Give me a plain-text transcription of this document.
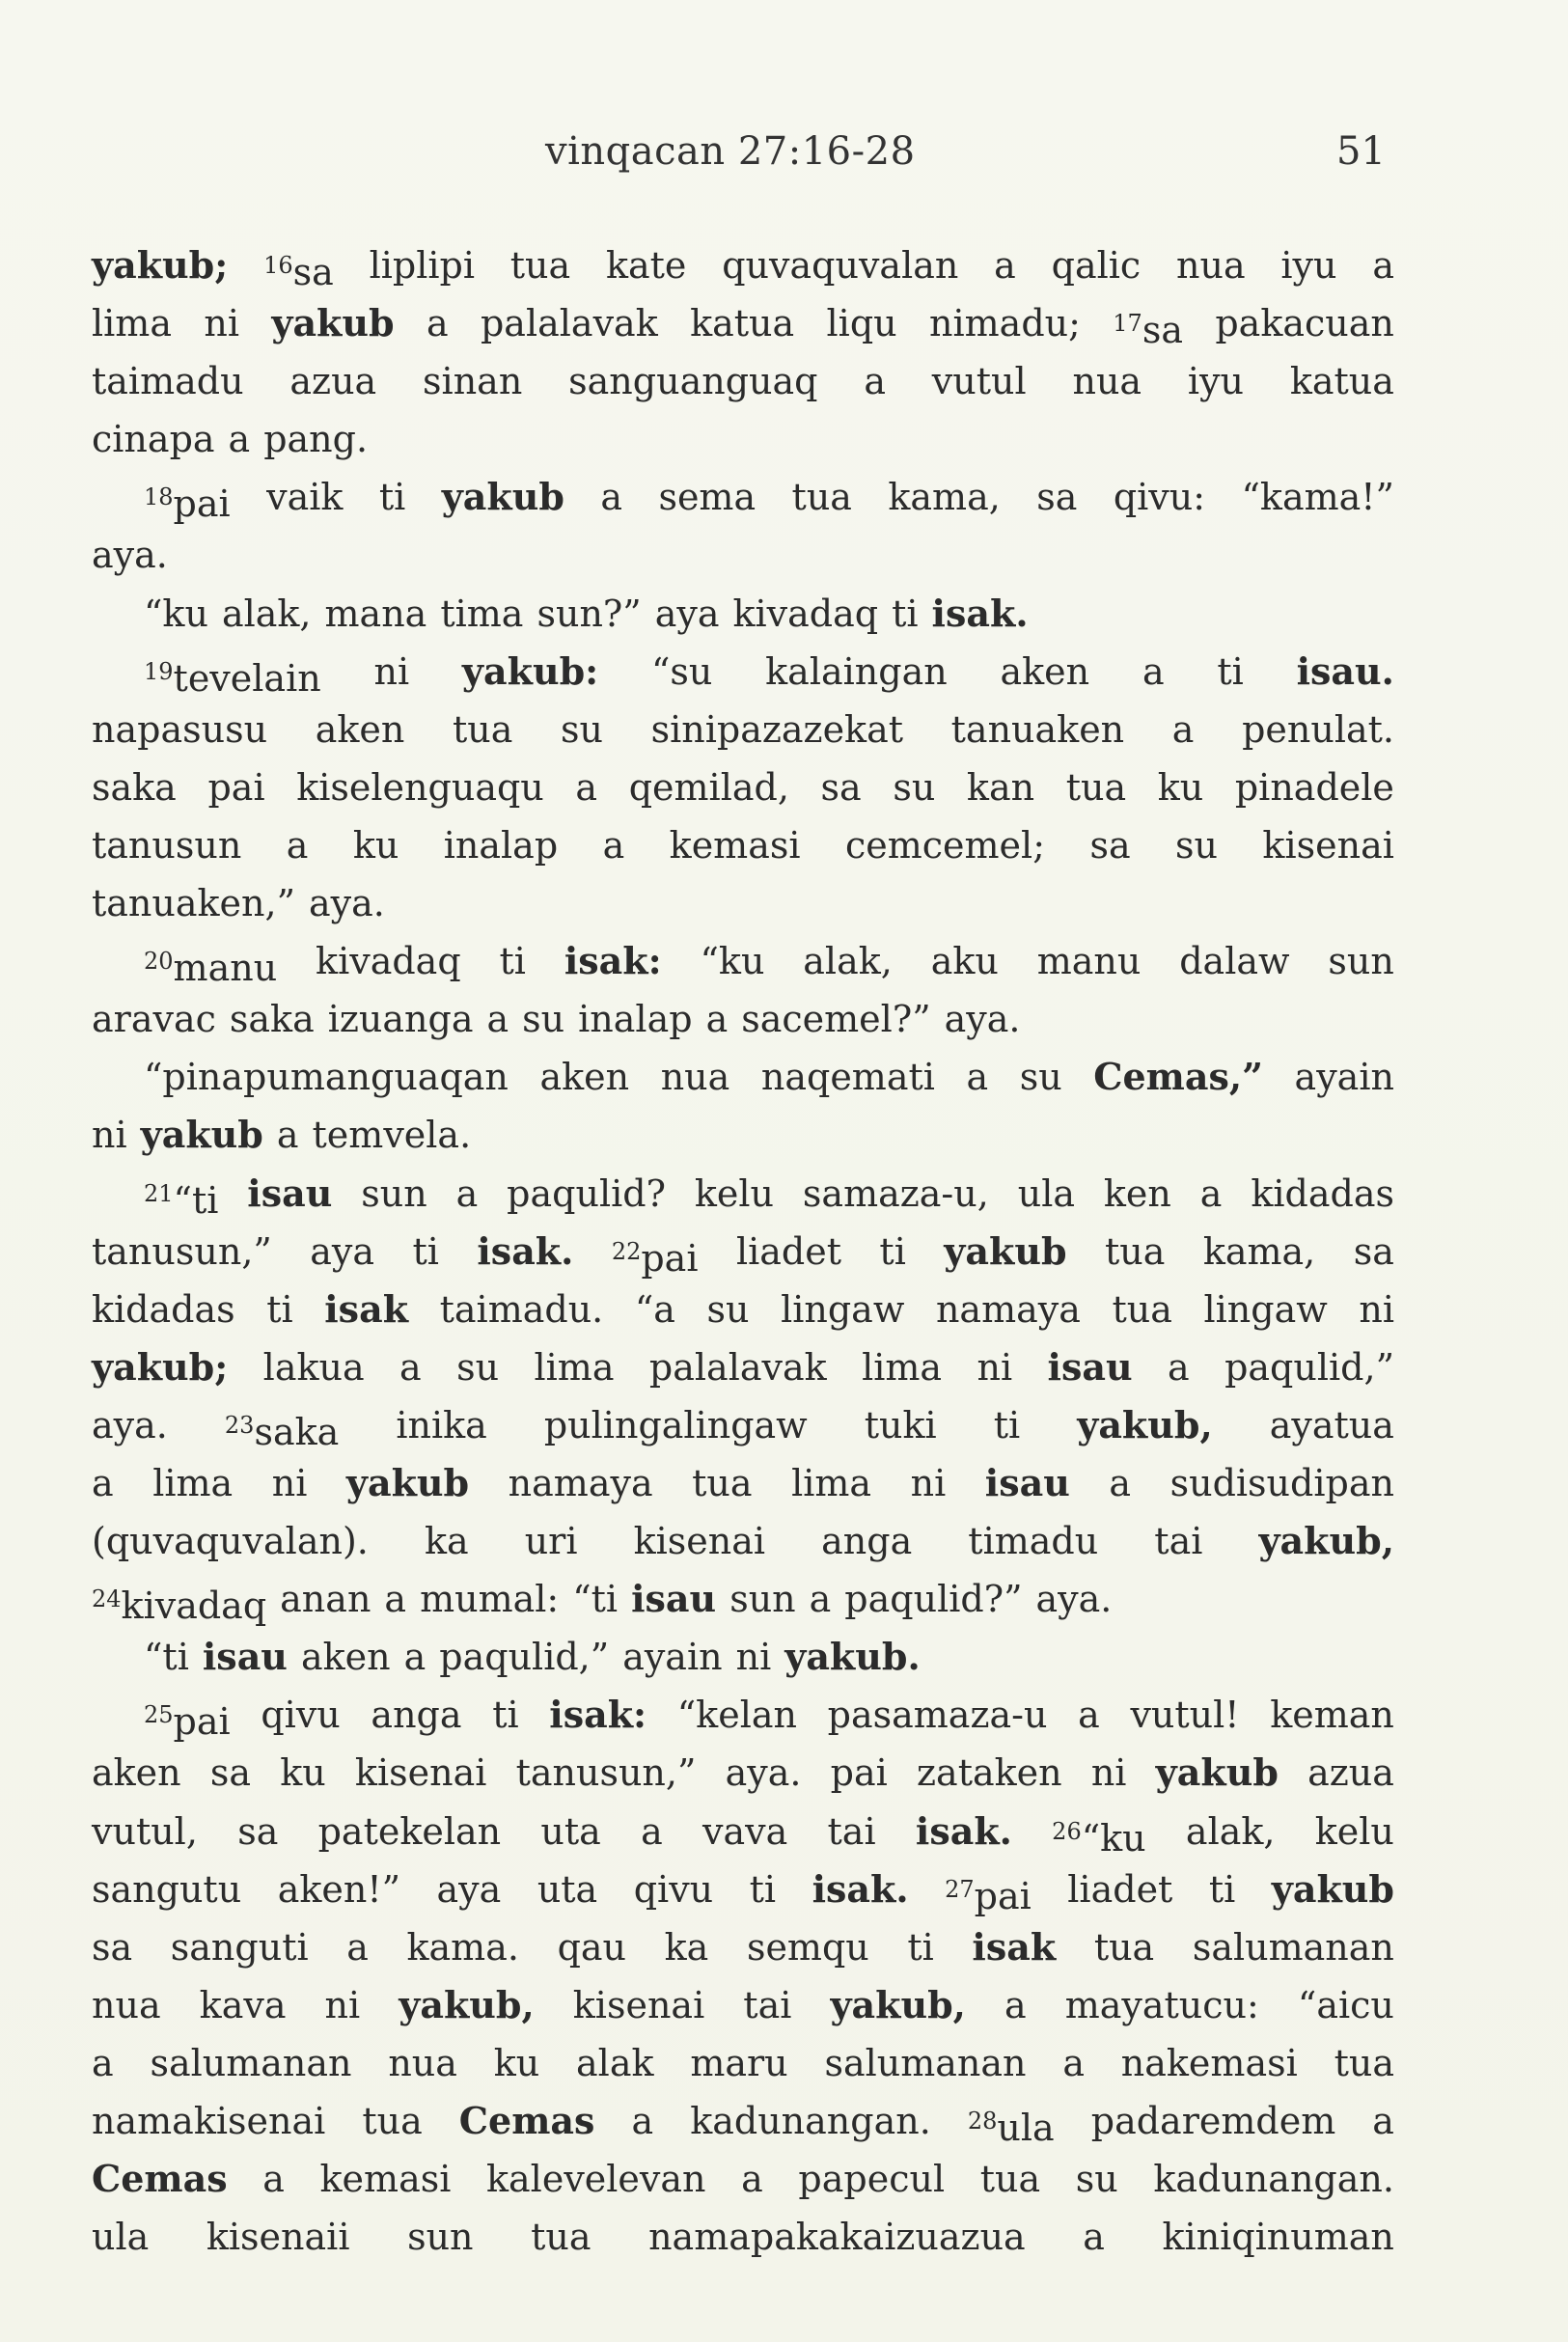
vinqacan 27:16-28	51
yakub; $^{16}$sa liplipi tua kate quvaquvalan a qalic nua iyu a
lima ni yakub a palalavak katua liqu nimadu; $^{17}$sa pakacuan
taimadu azua sinan sanguanguaq a vutul nua iyu katua
cinapa a pang.
$^{18}$pai vaik ti yakub a sema tua kama, sa qivu: “kama!”
aya.
“ku alak, mana tima sun?” aya kivadaq ti isak.
$^{19}$tevelain ni yakub: “su kalaingan aken a ti isau.
napasusu aken tua su sinipazazekat tanuaken a penulat.
saka pai kiselenguaqu a qemilad, sa su kan tua ku pinadele
tanusun a ku inalap a kemasi cemcemel; sa su kisenai
tanuaken,” aya.
$^{20}$manu kivadaq ti isak: “ku alak, aku manu dalaw sun
aravac saka izuanga a su inalap a sacemel?” aya.
“pinapumanguaqan aken nua naqemati a su Cemas,” ayain
ni yakub a temvela.
$^{21}$“ti isau sun a paqulid? kelu samaza-u, ula ken a kidadas
tanusun,” aya ti isak. $^{22}$pai liadet ti yakub tua kama, sa
kidadas ti isak taimadu. “a su lingaw namaya tua lingaw ni
yakub; lakua a su lima palalavak lima ni isau a paqulid,”
aya. $^{23}$saka inika pulingalingaw tuki ti yakub, ayatua
a lima ni yakub namaya tua lima ni isau a sudisudipan
(quvaquvalan). ka uri kisenai anga timadu tai yakub,
$^{24}$kivadaq anan a mumal: “ti isau sun a paqulid?” aya.
“ti isau aken a paqulid,” ayain ni yakub.
$^{25}$pai qivu anga ti isak: “kelan pasamaza-u a vutul! keman
aken sa ku kisenai tanusun,” aya. pai zataken ni yakub azua
vutul, sa patekelan uta a vava tai isak. $^{26}$“ku alak, kelu
sangutu aken!” aya uta qivu ti isak. $^{27}$pai liadet ti yakub
sa sanguti a kama. qau ka semqu ti isak tua salumanan
nua kava ni yakub, kisenai tai yakub, a mayatucu: “aicu
a salumanan nua ku alak maru salumanan a nakemasi tua
namakisenai tua Cemas a kadunangan. $^{28}$ula padaremdem a
Cemas a kemasi kalevelevan a papecul tua su kadunangan.
ula kisenaii sun tua namapakakaizuazua a kiniqinuman
